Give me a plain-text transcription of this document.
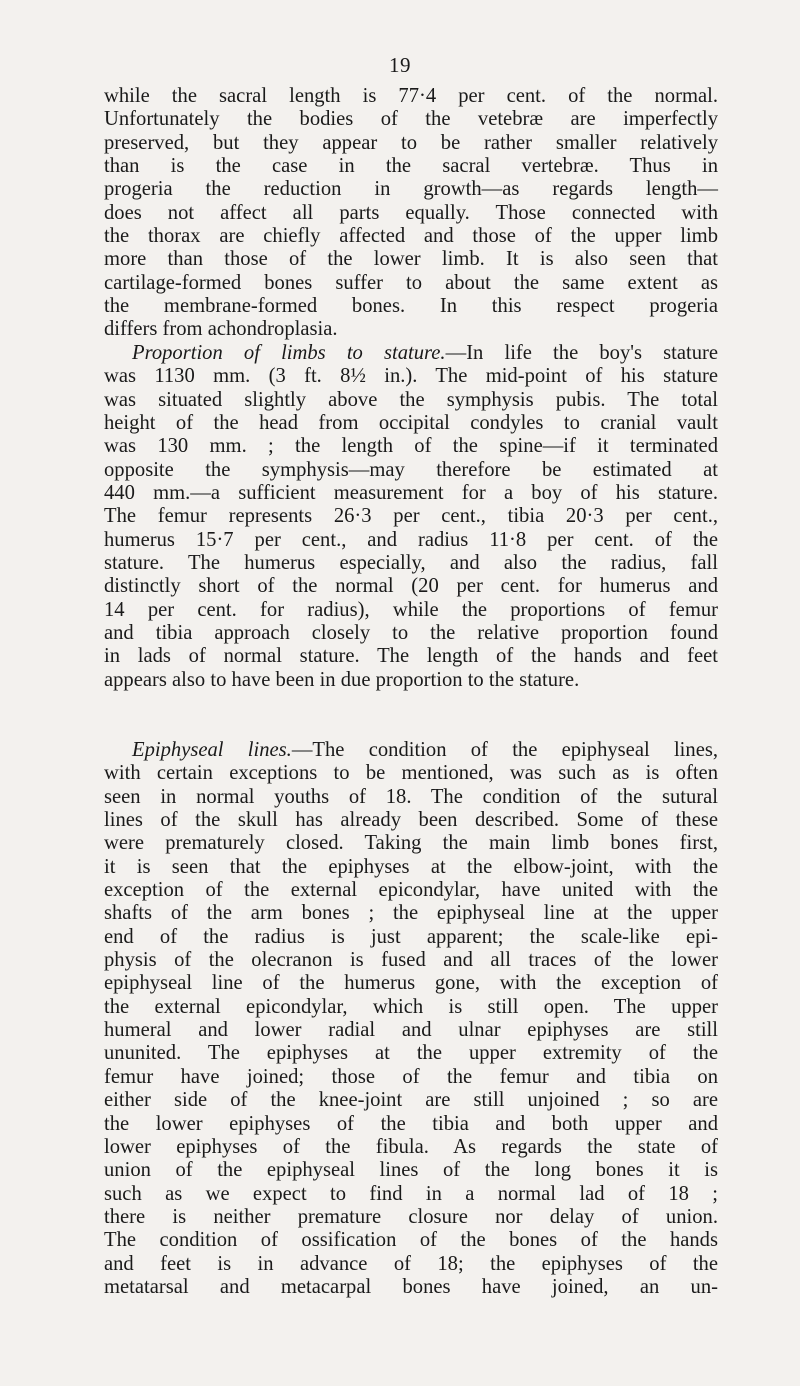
19
while the sacral length is 77·4 per cent. of the normal.
Unfortunately the bodies of the vetebræ are imperfectly
preserved, but they appear to be rather smaller relatively
than is the case in the sacral vertebræ. Thus in
progeria the reduction in growth—as regards length—
does not affect all parts equally. Those connected with
the thorax are chiefly affected and those of the upper limb
more than those of the lower limb. It is also seen that
cartilage-formed bones suffer to about the same extent as
the membrane-formed bones. In this respect progeria
differs from achondroplasia.
Proportion of limbs to stature.—In life the boy's stature
was 1130 mm. (3 ft. 8½ in.). The mid-point of his stature
was situated slightly above the symphysis pubis. The total
height of the head from occipital condyles to cranial vault
was 130 mm. ; the length of the spine—if it terminated
opposite the symphysis—may therefore be estimated at
440 mm.—a sufficient measurement for a boy of his stature.
The femur represents 26·3 per cent., tibia 20·3 per cent.,
humerus 15·7 per cent., and radius 11·8 per cent. of the
stature. The humerus especially, and also the radius, fall
distinctly short of the normal (20 per cent. for humerus and
14 per cent. for radius), while the proportions of femur
and tibia approach closely to the relative proportion found
in lads of normal stature. The length of the hands and feet
appears also to have been in due proportion to the stature.
Epiphyseal lines.—The condition of the epiphyseal lines,
with certain exceptions to be mentioned, was such as is often
seen in normal youths of 18. The condition of the sutural
lines of the skull has already been described. Some of these
were prematurely closed. Taking the main limb bones first,
it is seen that the epiphyses at the elbow-joint, with the
exception of the external epicondylar, have united with the
shafts of the arm bones ; the epiphyseal line at the upper
end of the radius is just apparent; the scale-like epi-
physis of the olecranon is fused and all traces of the lower
epiphyseal line of the humerus gone, with the exception of
the external epicondylar, which is still open. The upper
humeral and lower radial and ulnar epiphyses are still
ununited. The epiphyses at the upper extremity of the
femur have joined; those of the femur and tibia on
either side of the knee-joint are still unjoined ; so are
the lower epiphyses of the tibia and both upper and
lower epiphyses of the fibula. As regards the state of
union of the epiphyseal lines of the long bones it is
such as we expect to find in a normal lad of 18 ;
there is neither premature closure nor delay of union.
The condition of ossification of the bones of the hands
and feet is in advance of 18; the epiphyses of the
metatarsal and metacarpal bones have joined, an un-
